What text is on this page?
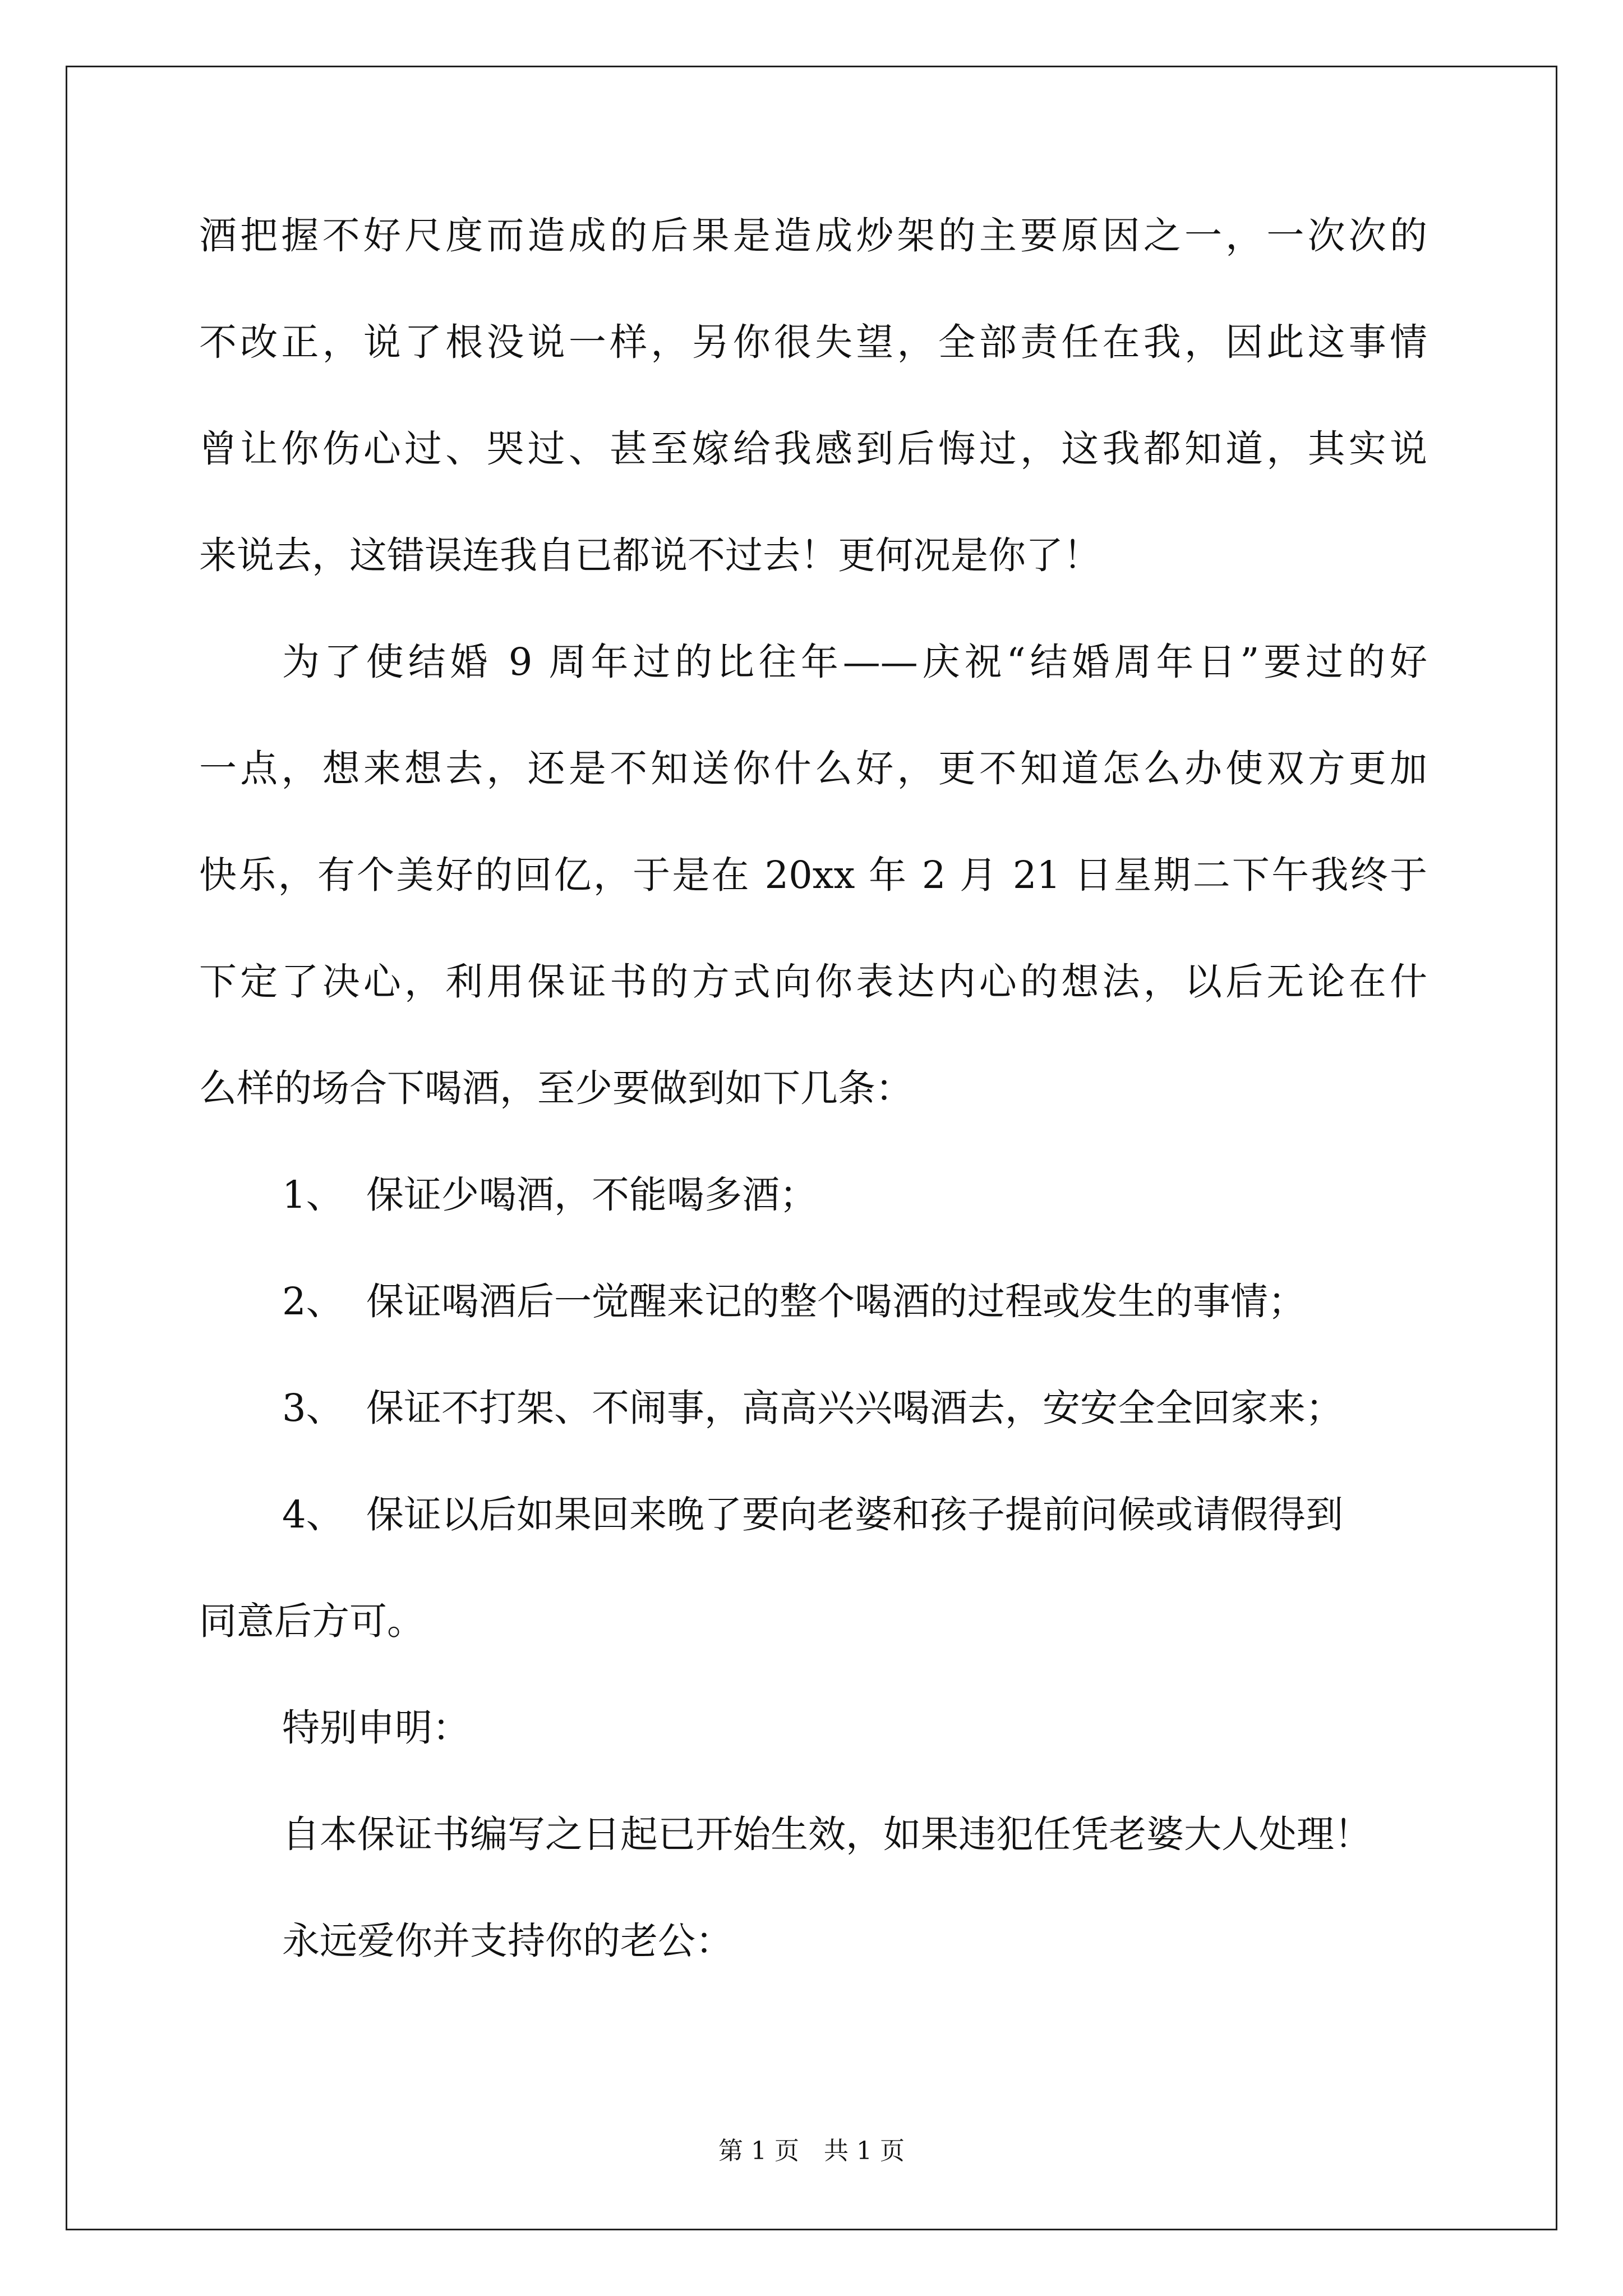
酒把握不好尺度而造成的后果是造成炒架的主要原因之一，一次次的
不改正，说了根没说一样，另你很失望，全部责任在我，因此这事情
曾让你伤心过、哭过、甚至嫁给我感到后悔过，这我都知道，其实说
来说去，这错误连我自已都说不过去！更何况是你了！
为了使结婚 9 周年过的比往年——庆祝“结婚周年日”要过的好
一点，想来想去，还是不知送你什么好，更不知道怎么办使双方更加
快乐，有个美好的回亿，于是在 20xx 年 2 月 21 日星期二下午我终于
下定了决心，利用保证书的方式向你表达内心的想法，以后无论在什
么样的场合下喝酒，至少要做到如下几条：
1、 保证少喝酒，不能喝多酒；
2、 保证喝酒后一觉醒来记的整个喝酒的过程或发生的事情；
3、 保证不打架、不闹事，高高兴兴喝酒去，安安全全回家来；
4、 保证以后如果回来晚了要向老婆和孩子提前问候或请假得到
同意后方可。
特别申明：
自本保证书编写之日起已开始生效，如果违犯任凭老婆大人处理！
永远爱你并支持你的老公：
第 1 页　共 1 页
